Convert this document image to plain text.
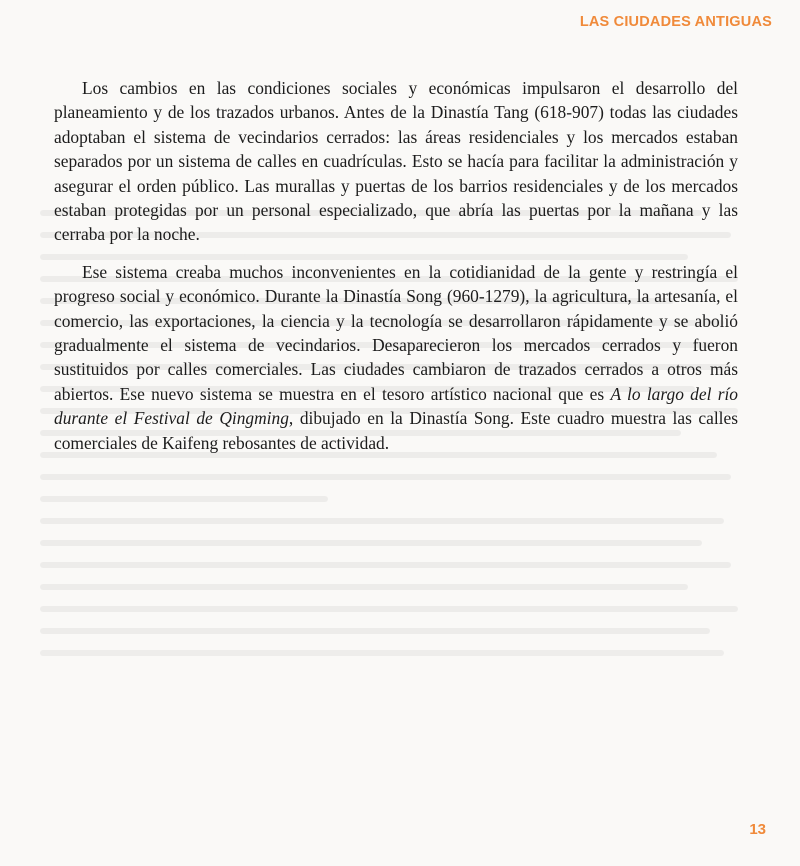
LAS CIUDADES ANTIGUAS

Los cambios en las condiciones sociales y económicas impulsaron el desarrollo del planeamiento y de los trazados urbanos. Antes de la Dinastía Tang (618-907) todas las ciudades adoptaban el sistema de vecindarios cerrados: las áreas residenciales y los mercados estaban separados por un sistema de calles en cuadrículas. Esto se hacía para facilitar la administración y asegurar el orden público. Las murallas y puertas de los barrios residenciales y de los mercados estaban protegidas por un personal especializado, que abría las puertas por la mañana y las cerraba por la noche.

Ese sistema creaba muchos inconvenientes en la cotidianidad de la gente y restringía el progreso social y económico. Durante la Dinastía Song (960-1279), la agricultura, la artesanía, el comercio, las exportaciones, la ciencia y la tecnología se desarrollaron rápidamente y se abolió gradualmente el sistema de vecindarios. Desaparecieron los mercados cerrados y fueron sustituidos por calles comerciales. Las ciudades cambiaron de trazados cerrados a otros más abiertos. Ese nuevo sistema se muestra en el tesoro artístico nacional que es A lo largo del río durante el Festival de Qingming, dibujado en la Dinastía Song. Este cuadro muestra las calles comerciales de Kaifeng rebosantes de actividad.

13
